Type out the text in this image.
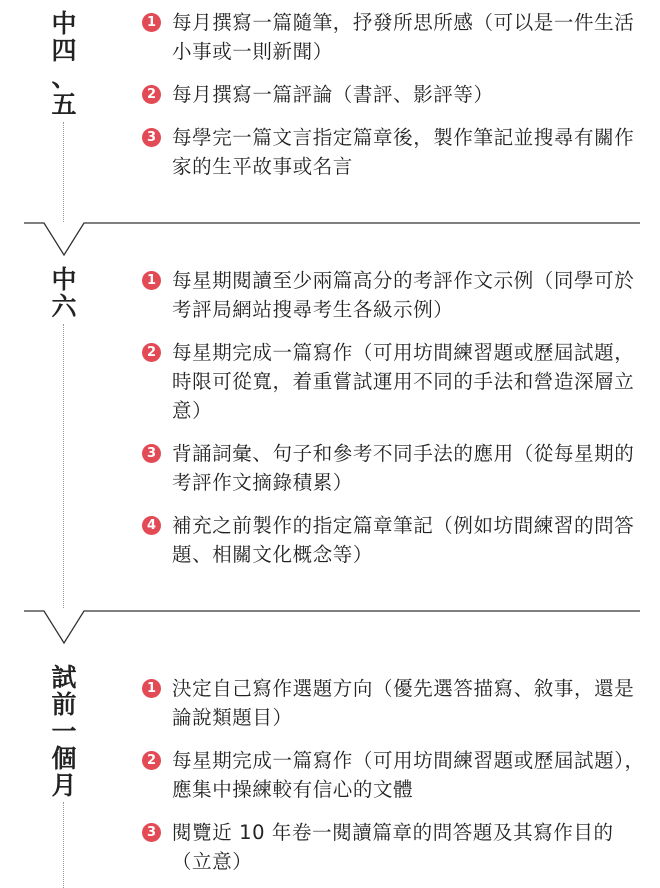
中
四
、
五
1 每月撰寫一篇隨筆，抒發所思所感（可以是一件生活小事或一則新聞）
2 每月撰寫一篇評論（書評、影評等）
3 每學完一篇文言指定篇章後，製作筆記並搜尋有關作家的生平故事或名言
中
六
1 每星期閱讀至少兩篇高分的考評作文示例（同學可於考評局網站搜尋考生各級示例）
2 每星期完成一篇寫作（可用坊間練習題或歷屆試題，時限可從寬，着重嘗試運用不同的手法和營造深層立意）
3 背誦詞彙、句子和參考不同手法的應用（從每星期的考評作文摘錄積累）
4 補充之前製作的指定篇章筆記（例如坊間練習的問答題、相關文化概念等）
試
前
一
個
月
1 決定自己寫作選題方向（優先選答描寫、敘事，還是論說類題目）
2 每星期完成一篇寫作（可用坊間練習題或歷屆試題），應集中操練較有信心的文體
3 閱覽近 10 年卷一閱讀篇章的問答題及其寫作目的（立意）
